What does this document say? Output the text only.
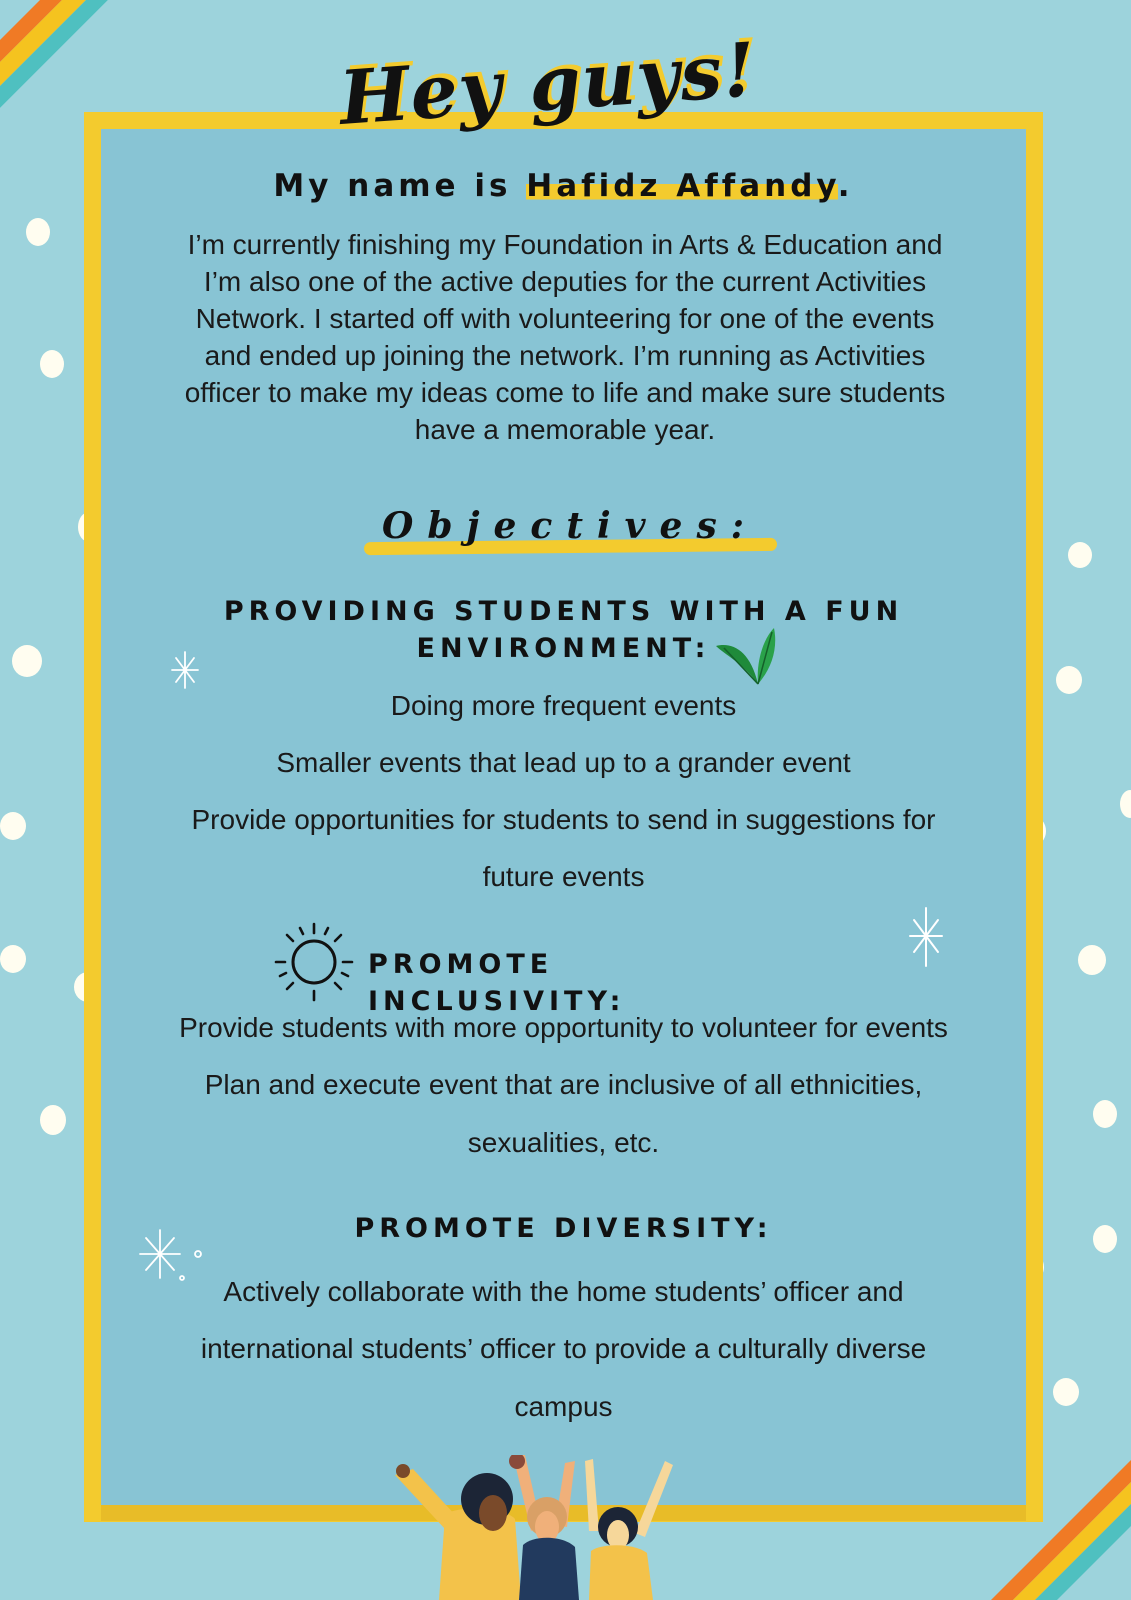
Hey guys!
My name is Hafidz Affandy.
I’m currently finishing my Foundation in Arts & Education and I’m also one of the active deputies for the current Activities Network. I started off with volunteering for one of the events and ended up joining the network. I’m running as Activities officer to make my ideas come to life and make sure students have a memorable year.
Objectives:
PROVIDING STUDENTS WITH A FUN
ENVIRONMENT:
Doing more frequent events
Smaller events that lead up to a grander event
Provide opportunities for students to send in suggestions for
future events
PROMOTE INCLUSIVITY:
Provide students with more opportunity to volunteer for events
Plan and execute event that are inclusive of all ethnicities,
sexualities, etc.
PROMOTE DIVERSITY:
Actively collaborate with the home students’ officer and
international students’ officer to provide a culturally diverse
campus
